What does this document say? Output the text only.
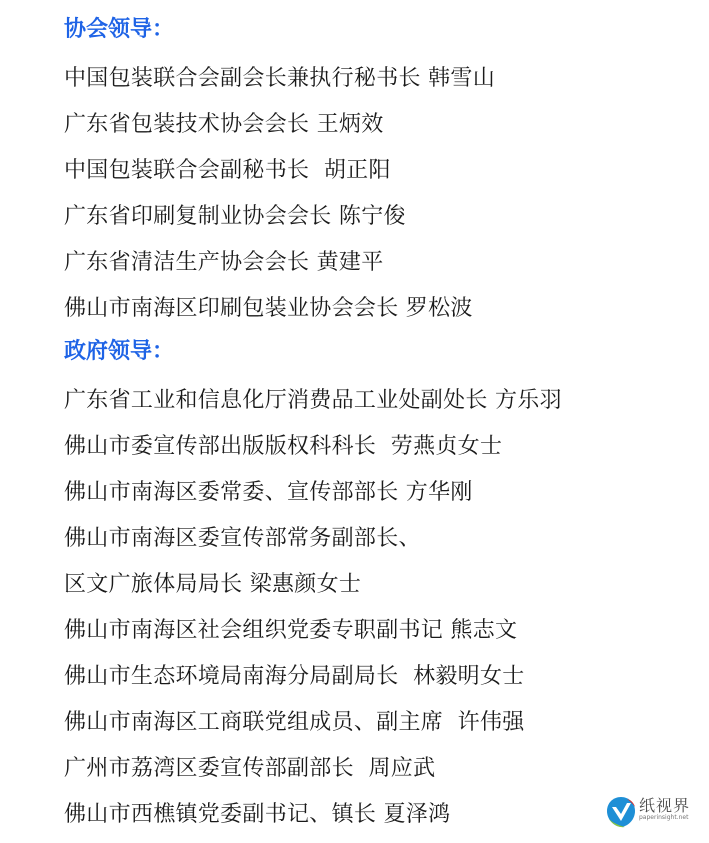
协会领导：
中国包装联合会副会长兼执行秘书长 韩雪山
广东省包装技术协会会长 王炳效
中国包装联合会副秘书长  胡正阳
广东省印刷复制业协会会长 陈宁俊
广东省清洁生产协会会长 黄建平
佛山市南海区印刷包装业协会会长 罗松波
政府领导：
广东省工业和信息化厅消费品工业处副处长 方乐羽
佛山市委宣传部出版版权科科长  劳燕贞女士
佛山市南海区委常委、宣传部部长 方华刚
佛山市南海区委宣传部常务副部长、
区文广旅体局局长 梁惠颜女士
佛山市南海区社会组织党委专职副书记 熊志文
佛山市生态环境局南海分局副局长  林毅明女士
佛山市南海区工商联党组成员、副主席  许伟强
广州市荔湾区委宣传部副部长  周应武
佛山市西樵镇党委副书记、镇长 夏泽鸿	纸视界
paperinsight.net
